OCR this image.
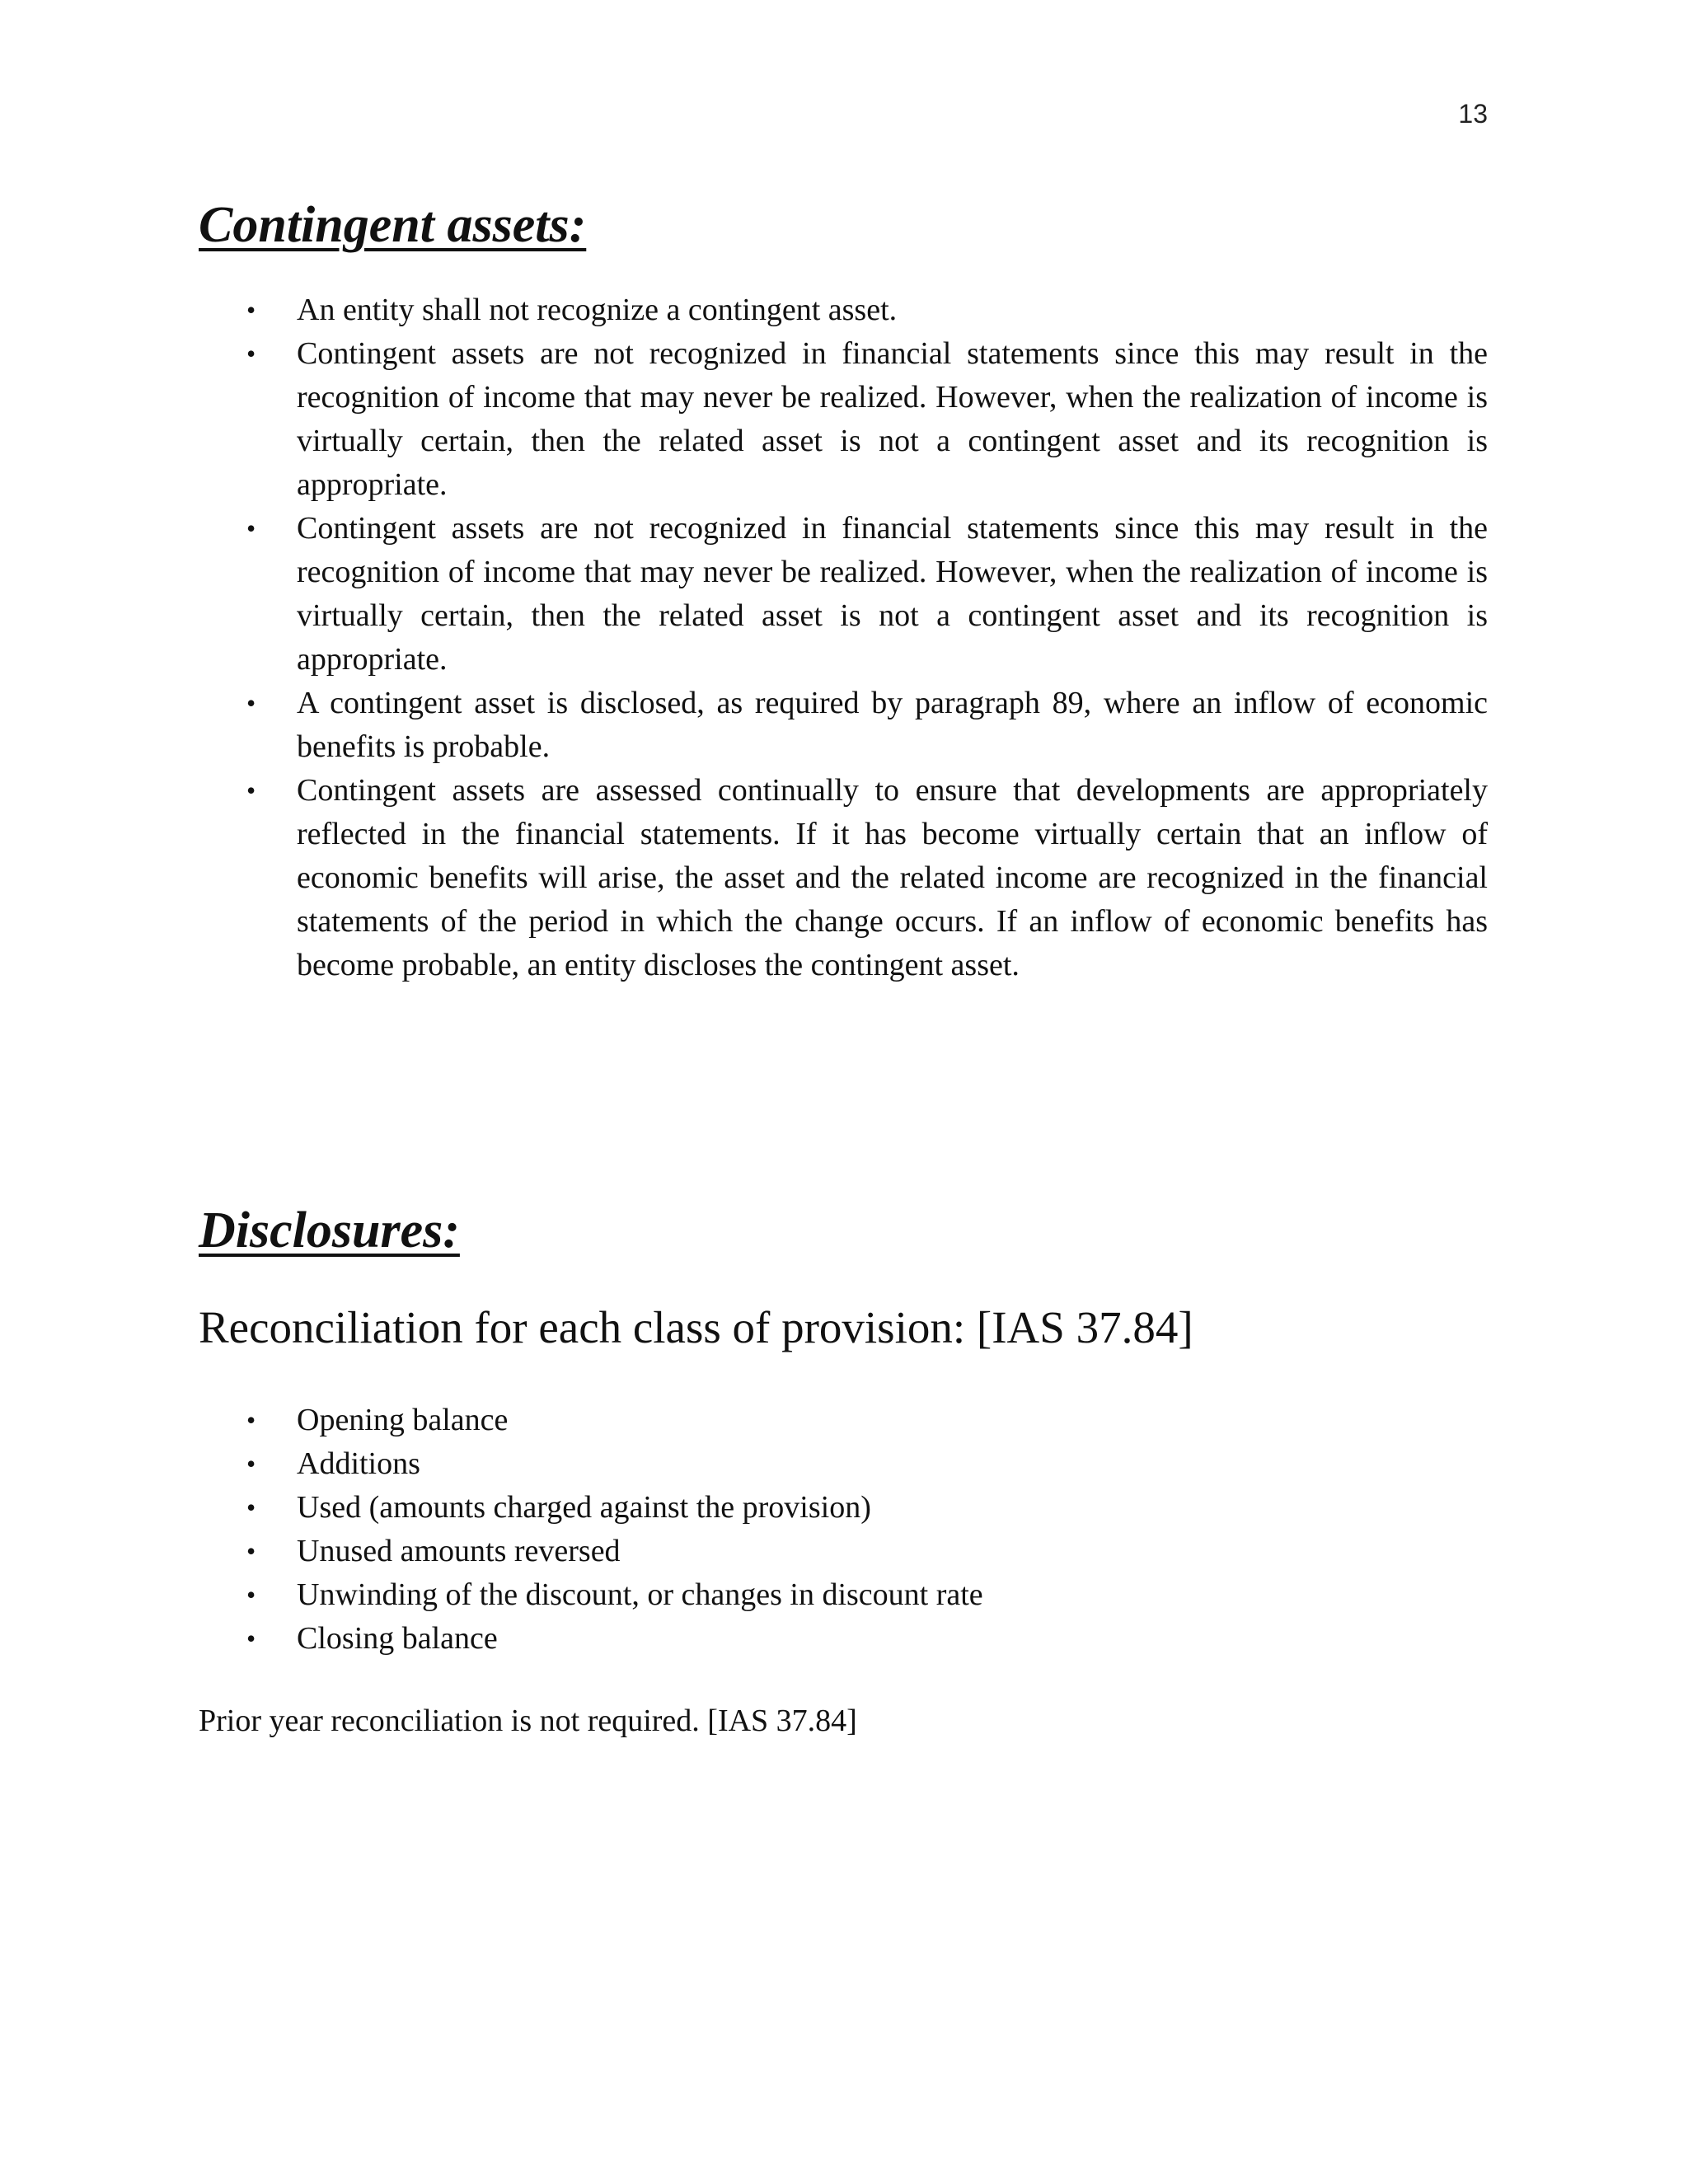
13
Contingent assets:
• An entity shall not recognize a contingent asset.
• Contingent assets are not recognized in financial statements since this may result in the recognition of income that may never be realized. However, when the realization of income is virtually certain, then the related asset is not a contingent asset and its recognition is appropriate.
• Contingent assets are not recognized in financial statements since this may result in the recognition of income that may never be realized. However, when the realization of income is virtually certain, then the related asset is not a contingent asset and its recognition is appropriate.
• A contingent asset is disclosed, as required by paragraph 89, where an inflow of economic benefits is probable.
• Contingent assets are assessed continually to ensure that developments are appropriately reflected in the financial statements. If it has become virtually certain that an inflow of economic benefits will arise, the asset and the related income are recognized in the financial statements of the period in which the change occurs. If an inflow of economic benefits has become probable, an entity discloses the contingent asset.
Disclosures:
Reconciliation for each class of provision: [IAS 37.84]
• Opening balance
• Additions
• Used (amounts charged against the provision)
• Unused amounts reversed
• Unwinding of the discount, or changes in discount rate
• Closing balance

Prior year reconciliation is not required. [IAS 37.84]
